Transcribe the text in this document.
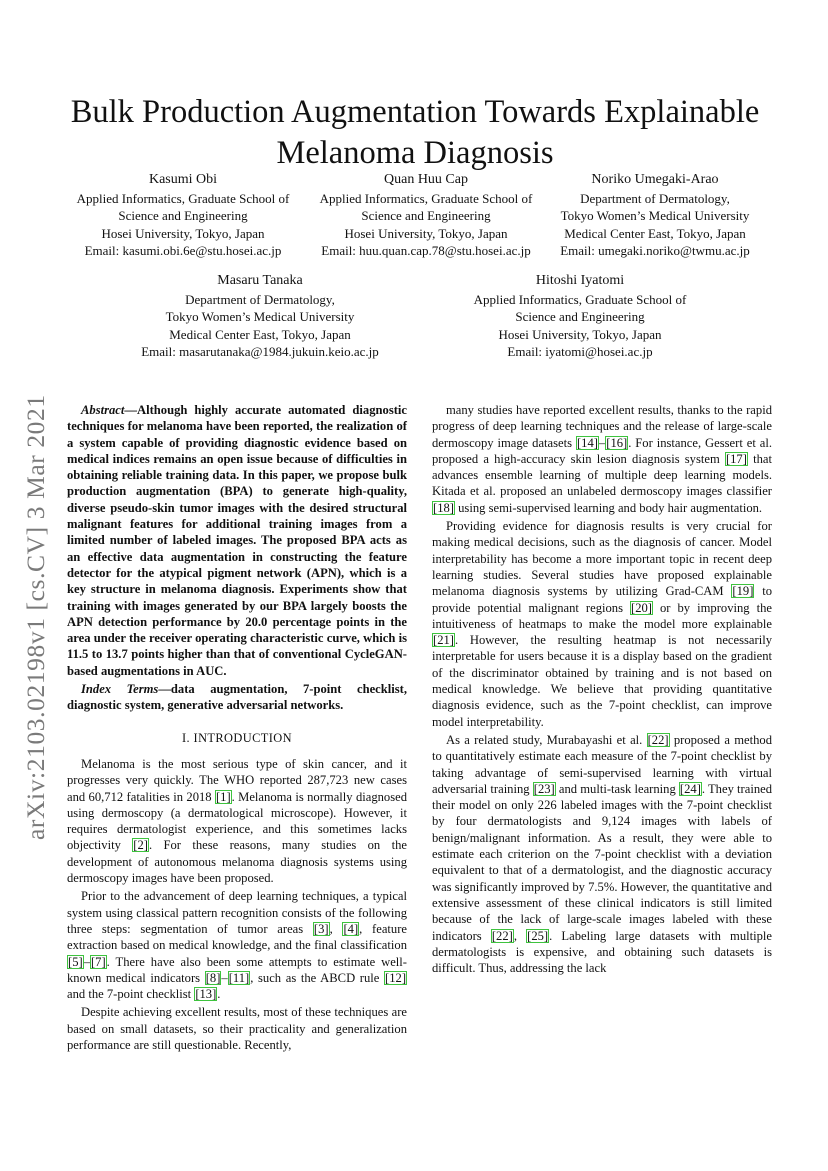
arXiv:2103.02198v1 [cs.CV] 3 Mar 2021
Bulk Production Augmentation Towards Explainable Melanoma Diagnosis
Kasumi Obi
Applied Informatics, Graduate School of
Science and Engineering
Hosei University, Tokyo, Japan
Email: kasumi.obi.6e@stu.hosei.ac.jp
Quan Huu Cap
Applied Informatics, Graduate School of
Science and Engineering
Hosei University, Tokyo, Japan
Email: huu.quan.cap.78@stu.hosei.ac.jp
Noriko Umegaki-Arao
Department of Dermatology,
Tokyo Women’s Medical University
Medical Center East, Tokyo, Japan
Email: umegaki.noriko@twmu.ac.jp
Masaru Tanaka
Department of Dermatology,
Tokyo Women’s Medical University
Medical Center East, Tokyo, Japan
Email: masarutanaka@1984.jukuin.keio.ac.jp
Hitoshi Iyatomi
Applied Informatics, Graduate School of
Science and Engineering
Hosei University, Tokyo, Japan
Email: iyatomi@hosei.ac.jp

Abstract—Although highly accurate automated diagnostic techniques for melanoma have been reported, the realization of a system capable of providing diagnostic evidence based on medical indices remains an open issue because of difficulties in obtaining reliable training data. In this paper, we propose bulk production augmentation (BPA) to generate high-quality, diverse pseudo-skin tumor images with the desired structural malignant features for additional training images from a limited number of labeled images. The proposed BPA acts as an effective data augmentation in constructing the feature detector for the atypical pigment network (APN), which is a key structure in melanoma diagnosis. Experiments show that training with images generated by our BPA largely boosts the APN detection performance by 20.0 percentage points in the area under the receiver operating characteristic curve, which is 11.5 to 13.7 points higher than that of conventional CycleGAN-based augmentations in AUC.

Index Terms—data augmentation, 7-point checklist, diagnostic system, generative adversarial networks.

I. INTRODUCTION

Melanoma is the most serious type of skin cancer, and it progresses very quickly. The WHO reported 287,723 new cases and 60,712 fatalities in 2018 [1]. Melanoma is normally diagnosed using dermoscopy (a dermatological microscope). However, it requires dermatologist experience, and this sometimes lacks objectivity [2]. For these reasons, many studies on the development of autonomous melanoma diagnosis systems using dermoscopy images have been proposed.

Prior to the advancement of deep learning techniques, a typical system using classical pattern recognition consists of the following three steps: segmentation of tumor areas [3], [4], feature extraction based on medical knowledge, and the final classification [5]–[7]. There have also been some attempts to estimate well-known medical indicators [8]–[11], such as the ABCD rule [12] and the 7-point checklist [13].

Despite achieving excellent results, most of these techniques are based on small datasets, so their practicality and generalization performance are still questionable. Recently,

many studies have reported excellent results, thanks to the rapid progress of deep learning techniques and the release of large-scale dermoscopy image datasets [14]–[16]. For instance, Gessert et al. proposed a high-accuracy skin lesion diagnosis system [17] that advances ensemble learning of multiple deep learning models. Kitada et al. proposed an unlabeled dermoscopy images classifier [18] using semi-supervised learning and body hair augmentation.

Providing evidence for diagnosis results is very crucial for making medical decisions, such as the diagnosis of cancer. Model interpretability has become a more important topic in recent deep learning studies. Several studies have proposed explainable melanoma diagnosis systems by utilizing Grad-CAM [19] to provide potential malignant regions [20] or by improving the intuitiveness of heatmaps to make the model more explainable [21]. However, the resulting heatmap is not necessarily interpretable for users because it is a display based on the gradient of the discriminator obtained by training and is not based on medical knowledge. We believe that providing quantitative diagnosis evidence, such as the 7-point checklist, can improve model interpretability.

As a related study, Murabayashi et al. [22] proposed a method to quantitatively estimate each measure of the 7-point checklist by taking advantage of semi-supervised learning with virtual adversarial training [23] and multi-task learning [24]. They trained their model on only 226 labeled images with the 7-point checklist by four dermatologists and 9,124 images with labels of benign/malignant information. As a result, they were able to estimate each criterion on the 7-point checklist with a deviation equivalent to that of a dermatologist, and the diagnostic accuracy was significantly improved by 7.5%. However, the quantitative and extensive assessment of these clinical indicators is still limited because of the lack of large-scale images labeled with these indicators [22], [25]. Labeling large datasets with multiple dermatologists is expensive, and obtaining such datasets is difficult. Thus, addressing the lack
